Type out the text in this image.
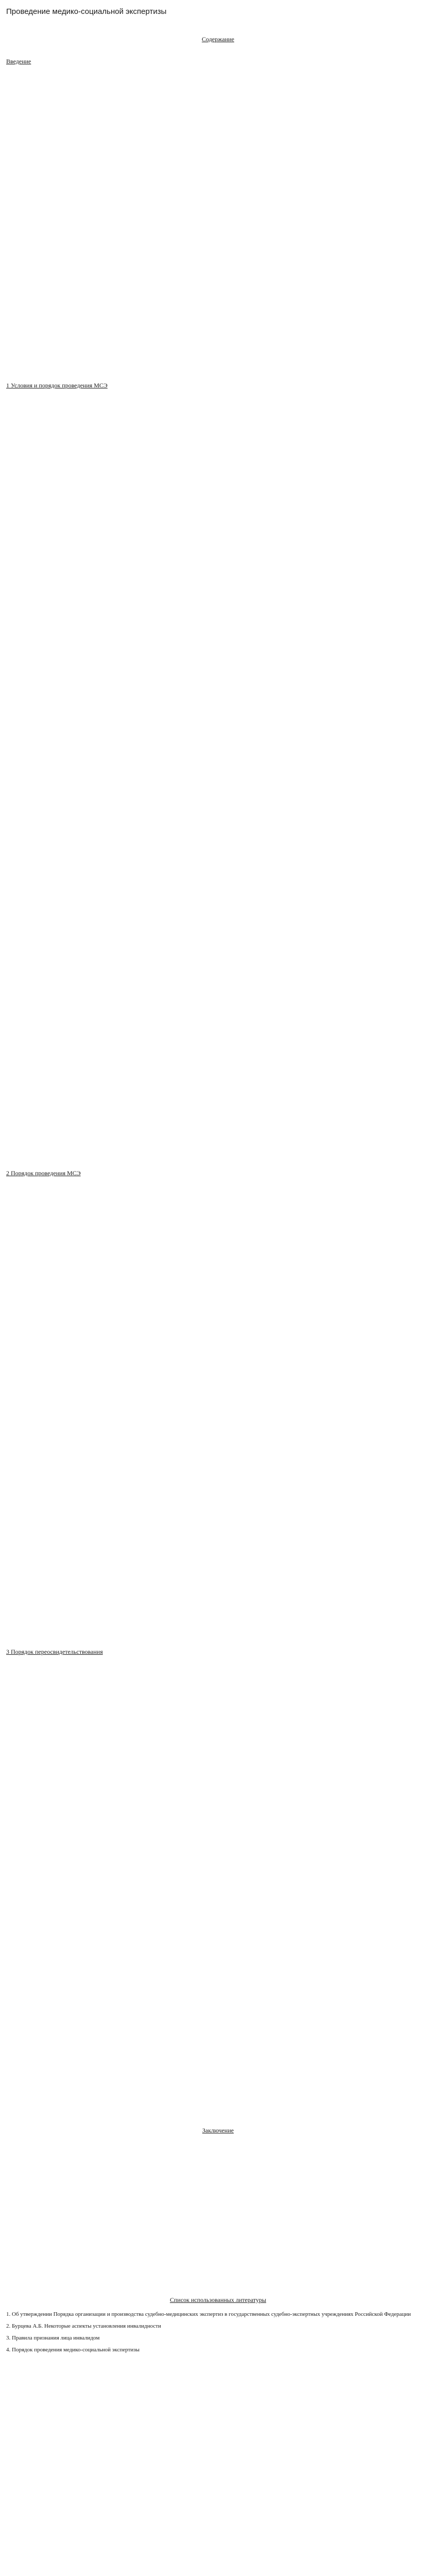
Проведение медико-социальной экспертизы
Содержание
Введение
1 Условия и порядок проведения МСЭ
2 Порядок проведения МСЭ
3 Порядок переосвидетельствования
Заключение
Список использованных литературы
1. Об утверждении Порядка организации и производства судебно-медицинских экспертиз в государственных судебно-экспертных учреждениях Российской Федерации
2. Бурцева А.Б. Некоторые аспекты установления инвалидности
3. Правила признания лица инвалидом
4. Порядок проведения медико-социальной экспертизы
